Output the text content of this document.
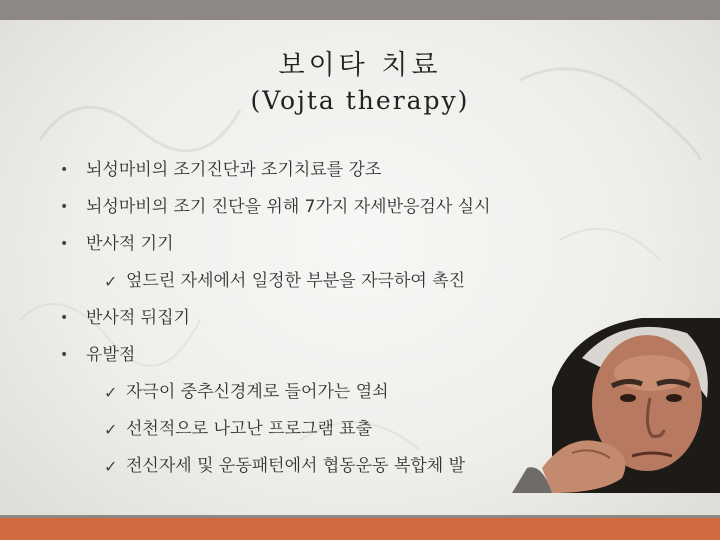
보이타 치료
(Vojta therapy)
• 뇌성마비의 조기진단과 조기치료를 강조
• 뇌성마비의 조기 진단을 위해 7가지 자세반응검사 실시
• 반사적 기기
✓ 엎드린 자세에서 일정한 부분을 자극하여 촉진
• 반사적 뒤집기
• 유발점
✓ 자극이 중추신경계로 들어가는 열쇠
✓ 선천적으로 나고난 프로그램 표출
✓ 전신자세 및 운동패턴에서 협동운동 복합체 발
